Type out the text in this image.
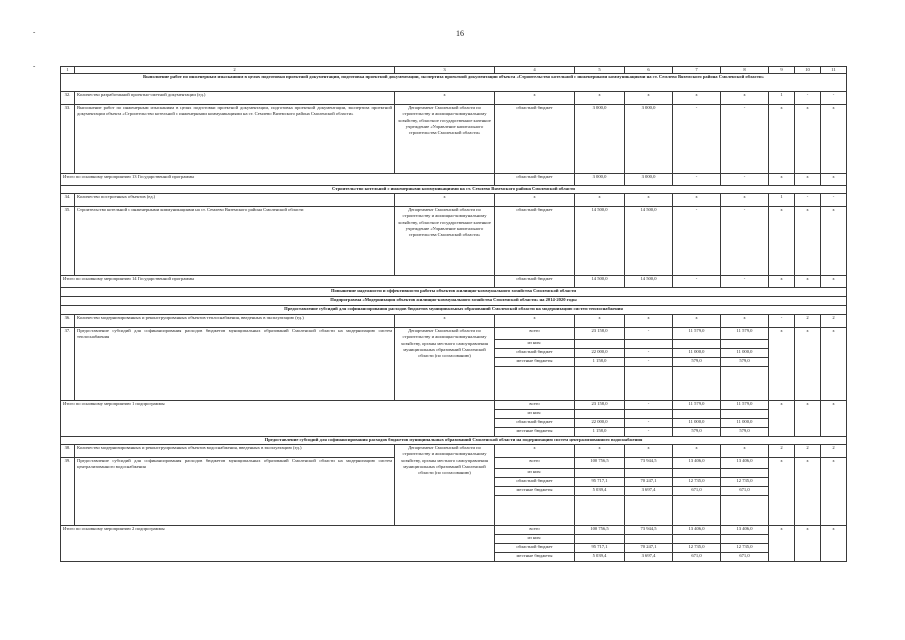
16
-
-	1	2	3	4	5	6	7	8	9	10	11
Выполнение работ по инженерным изысканиям в целях подготовки проектной документации, подготовка проектной документации, экспертиза проектной документации объекта «Строительство котельной с инженерными коммуникациями на ст. Семлево Вяземского района Смоленской области»										
32.	Количество разработанной проектно-сметной документации (ед.)	x	x	x	x	x	x	1	-	-
33.	Выполнение работ по инженерным изысканиям в целях подготовки проектной документации, подготовка проектной документации, экспертиза проектной документации объекта «Строительство котельной с инженерными коммуникациями на ст. Семлево Вяземского района Смоленской области»	Департамент Смоленской области по строительству и жилищно-коммунальному хозяйству, областное государственное казенное учреждение «Управление капитального строительства Смоленской области»	областной бюджет	3 000,0	3 000,0	-	-	x	x	x
Итого по основному мероприятию 13 Государственной программы			областной бюджет	3 000,0	3 000,0	-	-	x	x	x
Строительство котельной с инженерными коммуникациями на ст. Семлево Вяземского района Смоленской области										
34.	Количество построенных объектов (ед.)	x	x	x	x	x	x	1	-	-
35.	Строительство котельной с инженерными коммуникациями на ст. Семлево Вяземского района Смоленской области	Департамент Смоленской области по строительству и жилищно-коммунальному хозяйству, областное государственное казенное учреждение «Управление капитального строительства Смоленской области»	областной бюджет	14 500,0	14 500,0	-	-	x	x	x
Итого по основному мероприятию 14 Государственной программы			областной бюджет	14 500,0	14 500,0	-	-	x	x	x
Повышение надежности и эффективности работы объектов жилищно-коммунального хозяйства Смоленской области										
Подпрограмма «Модернизация объектов жилищно-коммунального хозяйства Смоленской области» на 2014-2020 годы										
Предоставление субсидий для софинансирования расходов бюджетов муниципальных образований Смоленской области на модернизацию систем теплоснабжения										
36.	Количество модернизированных и реконструированных объектов теплоснабжения, введенных в эксплуатацию (ед.)	x	x	x	x	x	x	-	2	2
37.	Предоставление субсидий для софинансирования расходов бюджетов муниципальных образований Смоленской области на модернизацию систем теплоснабжения	Департамент Смоленской области по строительству и жилищно-коммунальному хозяйству, органы местного самоуправления муниципальных образований Смоленской области (по согласованию)	всего	23 158,0	-	11 579,0	11 579,0	x	x	x
			из них:							
			областной бюджет	22 000,0	-	11 000,0	11 000,0			
			местные бюджеты	1 158,0	-	579,0	579,0			

Итого по основному мероприятию 1 подпрограммы			всего	23 158,0	-	11 579,0	11 579,0	x	x	x
			из них:							
			областной бюджет	22 000,0	-	11 000,0	11 000,0			
			местные бюджеты	1 158,0	-	579,0	579,0			
Предоставление субсидий для софинансирования расходов бюджетов муниципальных образований Смоленской области на модернизацию систем централизованного водоснабжения										
38.	Количество модернизированных и реконструированных объектов водоснабжения, введенных в эксплуатацию (ед.)	Департамент Смоленской области по строительству и жилищно-коммунальному хозяйству, органы местного самоуправления муниципальных образований Смоленской области (по согласованию)	x	x	x	x	x	2	2	2
39.	Предоставление субсидий для софинансирования расходов бюджетов муниципальных образований Смоленской области на модернизацию систем централизованного водоснабжения		всего	100 756,5	73 944,5	13 406,0	13 406,0	x	x	x
			из них:							
			областной бюджет	95 717,1	70 247,1	12 735,0	12 735,0			
			местные бюджеты	5 039,4	3 697,4	671,0	671,0			

Итого по основному мероприятию 2 подпрограммы			всего	100 756,5	73 944,5	13 406,0	13 406,0	x	x	x
			из них:							
			областной бюджет	95 717,1	70 247,1	12 735,0	12 735,0			
			местные бюджеты	5 039,4	3 697,4	671,0	671,0			
